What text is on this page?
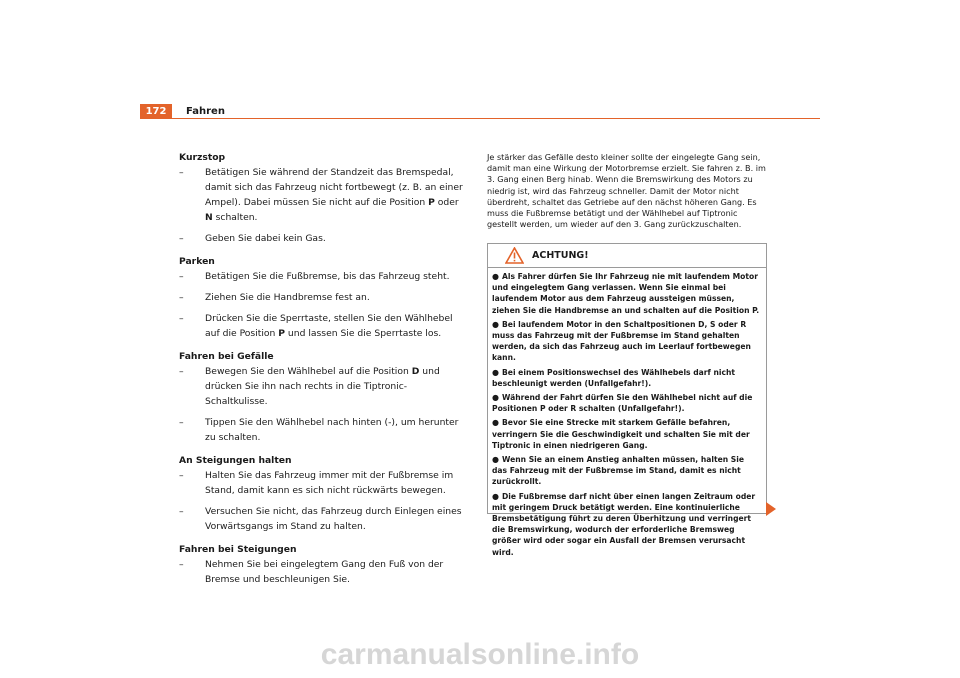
172	Fahren
Kurzstop
– Betätigen Sie während der Standzeit das Bremspedal, damit sich das Fahrzeug nicht fortbewegt (z. B. an einer Ampel). Dabei müssen Sie nicht auf die Position P oder N schalten.
– Geben Sie dabei kein Gas.
Parken
– Betätigen Sie die Fußbremse, bis das Fahrzeug steht.
– Ziehen Sie die Handbremse fest an.
– Drücken Sie die Sperrtaste, stellen Sie den Wählhebel auf die Position P und lassen Sie die Sperrtaste los.
Fahren bei Gefälle
– Bewegen Sie den Wählhebel auf die Position D und drücken Sie ihn nach rechts in die Tiptronic-Schaltkulisse.
– Tippen Sie den Wählhebel nach hinten (-), um herunter zu schalten.
An Steigungen halten
– Halten Sie das Fahrzeug immer mit der Fußbremse im Stand, damit kann es sich nicht rückwärts bewegen.
– Versuchen Sie nicht, das Fahrzeug durch Einlegen eines Vorwärtsgangs im Stand zu halten.
Fahren bei Steigungen
– Nehmen Sie bei eingelegtem Gang den Fuß von der Bremse und beschleunigen Sie.
Je stärker das Gefälle desto kleiner sollte der eingelegte Gang sein, damit man eine Wirkung der Motorbremse erzielt. Sie fahren z. B. im 3. Gang einen Berg hinab. Wenn die Bremswirkung des Motors zu niedrig ist, wird das Fahrzeug schneller. Damit der Motor nicht überdreht, schaltet das Getriebe auf den nächst höheren Gang. Es muss die Fußbremse betätigt und der Wählhebel auf Tiptronic gestellt werden, um wieder auf den 3. Gang zurückzuschalten.
ACHTUNG!
● Als Fahrer dürfen Sie Ihr Fahrzeug nie mit laufendem Motor und eingelegtem Gang verlassen. Wenn Sie einmal bei laufendem Motor aus dem Fahrzeug aussteigen müssen, ziehen Sie die Handbremse an und schalten auf die Position P.
● Bei laufendem Motor in den Schaltpositionen D, S oder R muss das Fahrzeug mit der Fußbremse im Stand gehalten werden, da sich das Fahrzeug auch im Leerlauf fortbewegen kann.
● Bei einem Positionswechsel des Wählhebels darf nicht beschleunigt werden (Unfallgefahr!).
● Während der Fahrt dürfen Sie den Wählhebel nicht auf die Positionen P oder R schalten (Unfallgefahr!).
● Bevor Sie eine Strecke mit starkem Gefälle befahren, verringern Sie die Geschwindigkeit und schalten Sie mit der Tiptronic in einen niedrigeren Gang.
● Wenn Sie an einem Anstieg anhalten müssen, halten Sie das Fahrzeug mit der Fußbremse im Stand, damit es nicht zurückrollt.
● Die Fußbremse darf nicht über einen langen Zeitraum oder mit geringem Druck betätigt werden. Eine kontinuierliche Bremsbetätigung führt zu deren Überhitzung und verringert die Bremswirkung, wodurch der erforderliche Bremsweg größer wird oder sogar ein Ausfall der Bremsen verursacht wird.
carmanualsonline.info
